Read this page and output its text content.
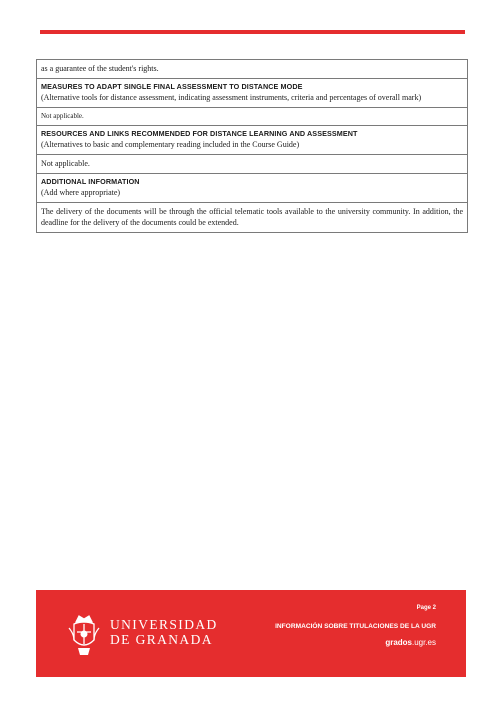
as a guarantee of the student's rights.
MEASURES TO ADAPT SINGLE FINAL ASSESSMENT TO DISTANCE MODE
(Alternative tools for distance assessment, indicating assessment instruments, criteria and percentages of overall mark)
Not applicable.
RESOURCES AND LINKS RECOMMENDED FOR DISTANCE LEARNING AND ASSESSMENT
(Alternatives to basic and complementary reading included in the Course Guide)
Not applicable.
ADDITIONAL INFORMATION
(Add where appropriate)
The delivery of the documents will be through the official telematic tools available to the university community. In addition, the deadline for the delivery of the documents could be extended.
UNIVERSIDAD
DE GRANADA
Page 2
INFORMACIÓN SOBRE TITULACIONES DE LA UGR
grados.ugr.es
